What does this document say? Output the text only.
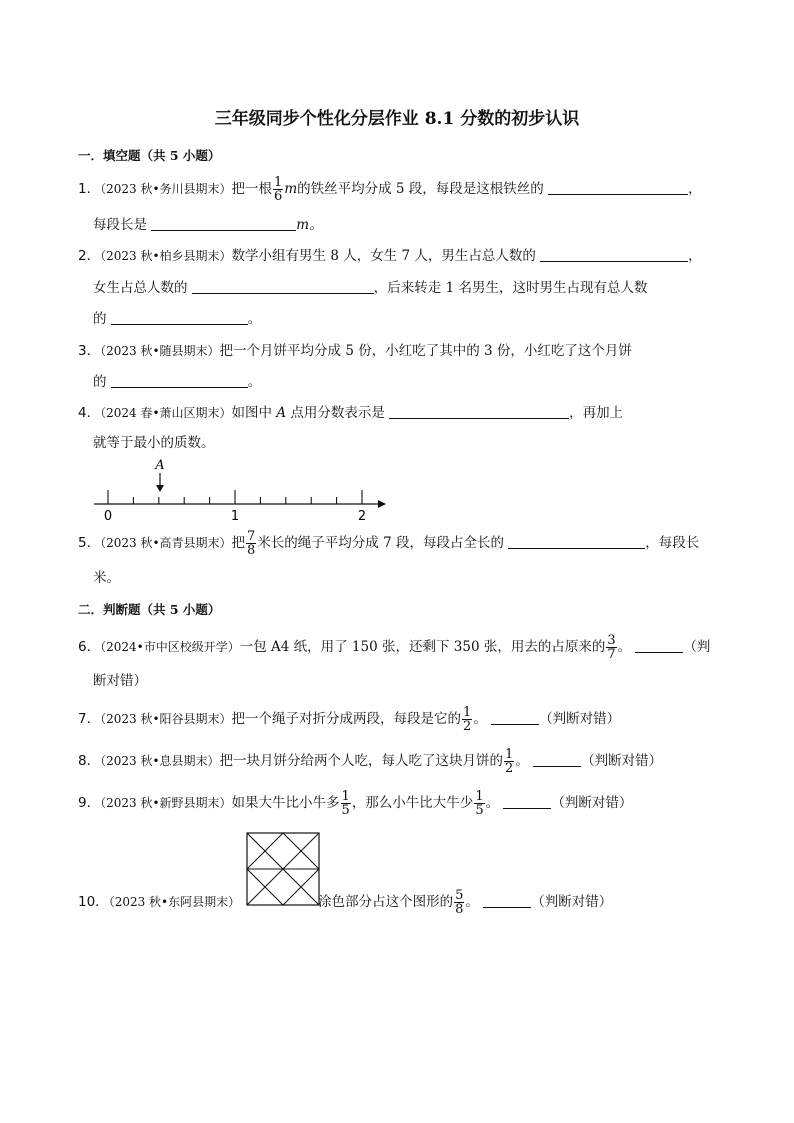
三年级同步个性化分层作业 8.1 分数的初步认识
一．填空题（共 5 小题）
1．（2023 秋•务川县期末）把一根 $\frac{1}{6}$ m的铁丝平均分成 5 段，每段是这根铁丝的	，
每段长是	m。
2．（2023 秋•柏乡县期末）数学小组有男生 8 人，女生 7 人，男生占总人数的	，
女生占总人数的	，后来转走 1 名男生，这时男生占现有总人数
的	。
3．（2023 秋•随县期末）把一个月饼平均分成 5 份，小红吃了其中的 3 份，小红吃了这个月饼
的	。
4．（2024 春•萧山区期末）如图中 A 点用分数表示是	，再加上
就等于最小的质数。
A
0	1	2
5．（2023 秋•高青县期末）把 $\frac{7}{8}$ 米长的绳子平均分成 7 段，每段占全长的	，每段长
米。
二．判断题（共 5 小题）
6．（2024•市中区校级开学）一包 A4 纸，用了 150 张，还剩下 350 张，用去的占原来的 $\frac{3}{7}$ 。	（判
断对错）
7．（2023 秋•阳谷县期末）把一个绳子对折分成两段，每段是它的 $\frac{1}{2}$ 。	（判断对错）
8．（2023 秋•息县期末）把一块月饼分给两个人吃，每人吃了这块月饼的 $\frac{1}{2}$ 。	（判断对错）
9．（2023 秋•新野县期末）如果大牛比小牛多 $\frac{1}{5}$ ，那么小牛比大牛少 $\frac{1}{5}$ 。	（判断对错）
10．（2023 秋•东阿县期末）	涂色部分占这个图形的 $\frac{5}{8}$ 。	（判断对错）
